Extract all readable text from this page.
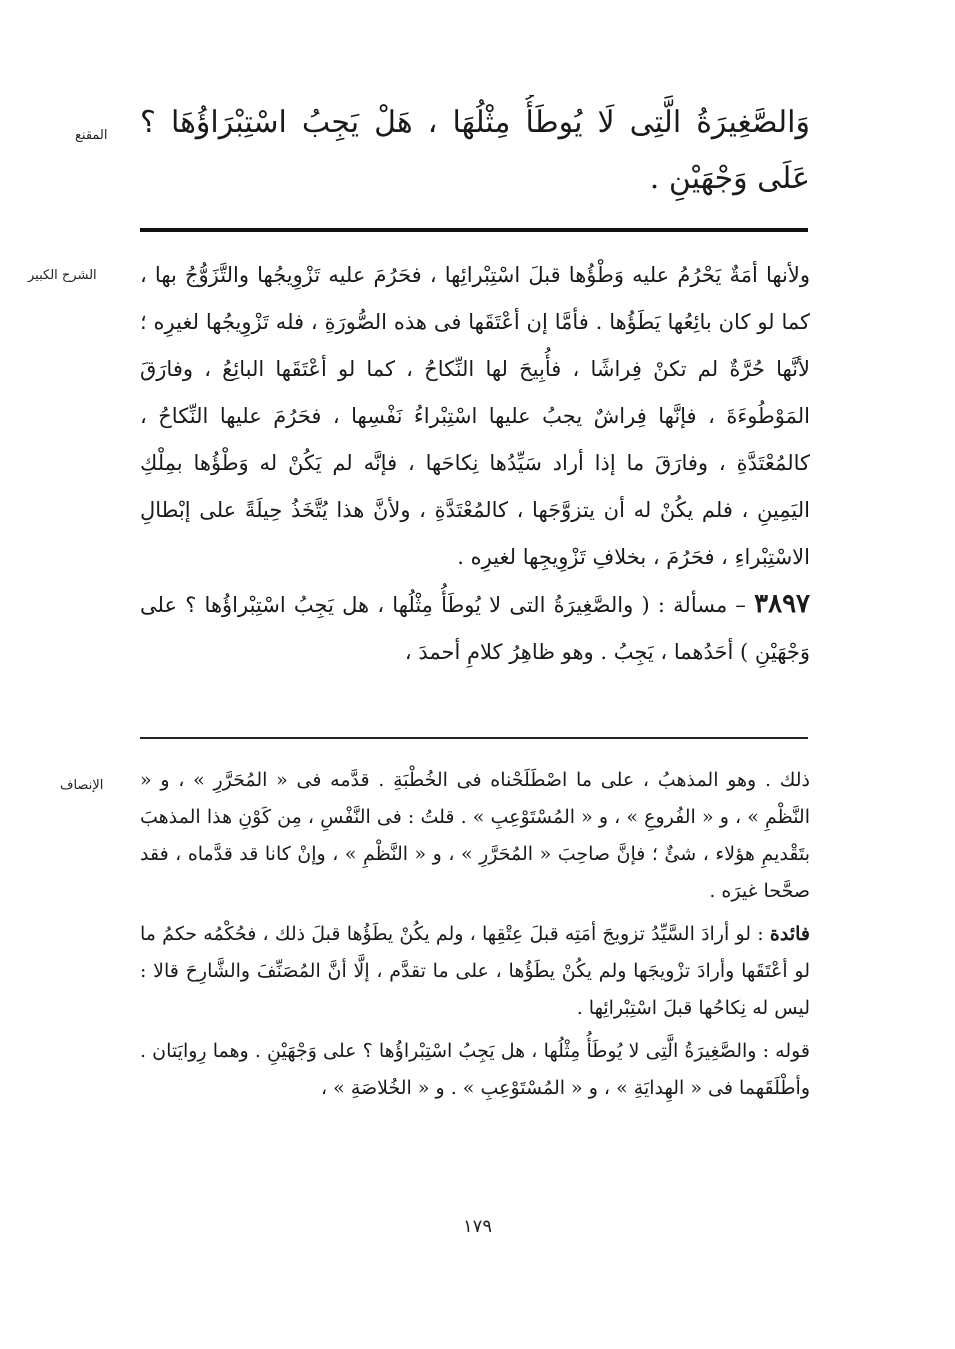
المقنع
الشرح الكبير
الإنصاف

وَالصَّغِيرَةُ الَّتِى لَا يُوطَأُ مِثْلُهَا ، هَلْ يَجِبُ اسْتِبْرَاؤُهَا ؟ عَلَى وَجْهَيْنِ .

ولأنها أمَةٌ يَحْرُمُ عليه وَطْؤُها قبلَ اسْتِبْرائِها ، فحَرُمَ عليه تَزْوِيجُها والتَّزَوُّجُ بها ، كما لو كان بائِعُها يَطَؤُها . فأمَّا إن أعْتَقَها فى هذه الصُّورَةِ ، فله تَزْوِيجُها لغيرِه ؛ لأنَّها حُرَّةٌ لم تكنْ فِراشًا ، فأُبِيحَ لها النِّكاحُ ، كما لو أعْتَقَها البائِعُ ، وفارَقَ المَوْطُوءَةَ ، فإنَّها فِراشٌ يجبُ عليها اسْتِبْراءُ نَفْسِها ، فحَرُمَ عليها النِّكاحُ ، كالمُعْتَدَّةِ ، وفارَقَ ما إذا أراد سَيِّدُها نِكاحَها ، فإنَّه لم يَكُنْ له وَطْؤُها بمِلْكِ اليَمِينِ ، فلم يكُنْ له أن يتزوَّجَها ، كالمُعْتَدَّةِ ، ولأنَّ هذا يُتَّخَذُ حِيلَةً على إبْطالِ الاسْتِبْراءِ ، فحَرُمَ ، بخلافِ تَزْوِيجِها لغيرِه .

٣٨٩٧ – مسألة : ( والصَّغِيرَةُ التى لا يُوطَأُ مِثْلُها ، هل يَجِبُ اسْتِبْراؤُها ؟ على وَجْهَيْنِ ) أحَدُهما ، يَجِبُ . وهو ظاهِرُ كلامِ أحمدَ ،

ذلك . وهو المذهبُ ، على ما اصْطَلَحْناه فى الخُطْبَةِ . قدَّمه فى « المُحَرَّرِ » ، و « النَّظْمِ » ، و « الفُروعِ » ، و « المُسْتَوْعِبِ » . قلتُ : فى النَّفْسِ ، مِن كَوْنِ هذا المذهبَ بتَقْديمِ هؤلاء ، شئٌ ؛ فإنَّ صاحِبَ « المُحَرَّرِ » ، و « النَّظْمِ » ، وإنْ كانا قد قدَّماه ، فقد صحَّحا غيرَه .

فائدة : لو أرادَ السَّيِّدُ تزويجَ أمَتِه قبلَ عِتْقِها ، ولم يكُنْ يطَؤُها قبلَ ذلك ، فحُكْمُه حكمُ ما لو أعْتَقَها وأرادَ تزْويجَها ولم يكُنْ يطَؤُها ، على ما تقدَّم ، إلَّا أنَّ المُصَنِّفَ والشَّارِحَ قالا : ليس له نِكاحُها قبلَ اسْتِبْرائِها .

قوله : والصَّغِيرَةُ الَّتِى لا يُوطَأُ مِثْلُها ، هل يَجِبُ اسْتِبْراؤُها ؟ على وَجْهَيْنِ . وهما رِوايَتان . وأطْلَقَهما فى « الهِدايَةِ » ، و « المُسْتَوْعِبِ » . و « الخُلاصَةِ » ،

١٧٩
